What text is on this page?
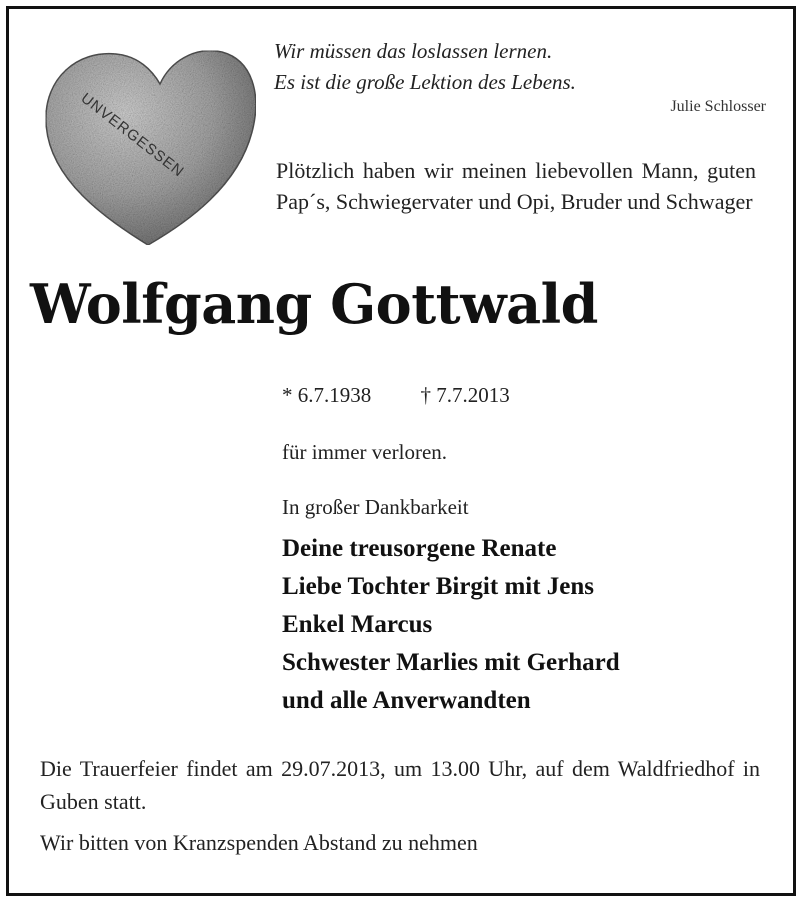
UNVERGESSEN
Wir müssen das loslassen lernen.
Es ist die große Lektion des Lebens.
Julie Schlosser
Plötzlich haben wir meinen liebevollen Mann, guten Pap´s, Schwiegervater und Opi, Bruder und Schwager
Wolfgang Gottwald
* 6.7.1938 † 7.7.2013
für immer verloren.
In großer Dankbarkeit
Deine treusorgene Renate
Liebe Tochter Birgit mit Jens
Enkel Marcus
Schwester Marlies mit Gerhard
und alle Anverwandten
Die Trauerfeier findet am 29.07.2013, um 13.00 Uhr, auf dem Waldfriedhof in Guben statt.
Wir bitten von Kranzspenden Abstand zu nehmen
